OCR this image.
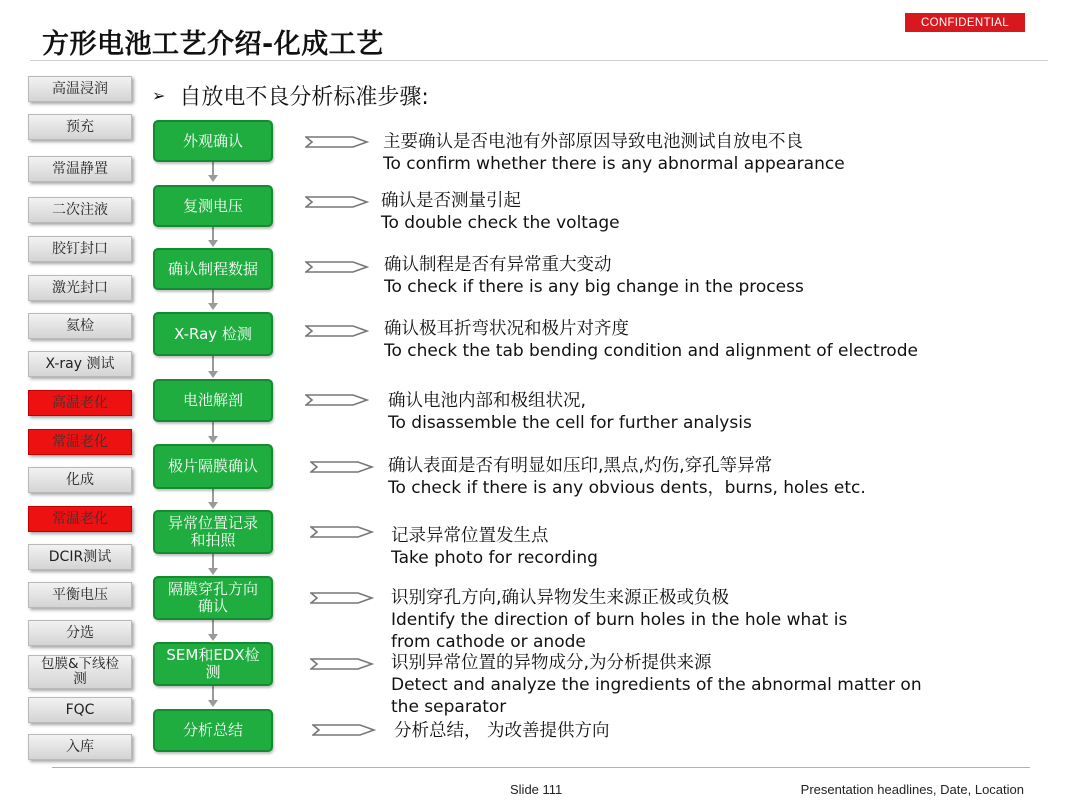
方形电池工艺介绍-化成工艺
CONFIDENTIAL
➢ 自放电不良分析标准步骤:
高温浸润
预充
常温静置
二次注液
胶钉封口
激光封口
氦检
X-ray 测试
高温老化
常温老化
化成
常温老化
DCIR测试
平衡电压
分选
包膜&下线检测
FQC
入库
外观确认
复测电压
确认制程数据
X-Ray 检测
电池解剖
极片隔膜确认
异常位置记录和拍照
隔膜穿孔方向确认
SEM和EDX检测
分析总结
主要确认是否电池有外部原因导致电池测试自放电不良
To confirm whether there is any abnormal appearance
确认是否测量引起
To double check the voltage
确认制程是否有异常重大变动
To check if there is any big change in the process
确认极耳折弯状况和极片对齐度
To check the tab bending condition and alignment of electrode
确认电池内部和极组状况,
To disassemble the cell for further analysis
确认表面是否有明显如压印,黑点,灼伤,穿孔等异常
To check if there is any obvious dents，burns, holes etc.
记录异常位置发生点
Take photo for recording
识别穿孔方向,确认异物发生来源正极或负极
Identify the direction of burn holes in the hole what is from cathode or anode
识别异常位置的异物成分,为分析提供来源
Detect and analyze the ingredients of the abnormal matter on the separator
分析总结， 为改善提供方向
Slide 111	Presentation headlines, Date, Location
